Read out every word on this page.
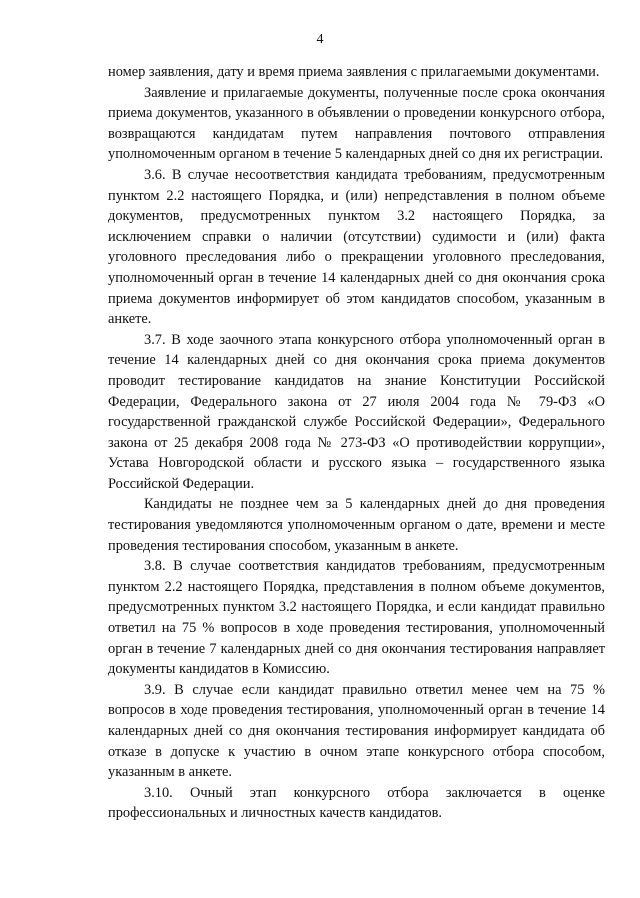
4

номер заявления, дату и время приема заявления с прилагаемыми документами.

Заявление и прилагаемые документы, полученные после срока окончания приема документов, указанного в объявлении о проведении конкурсного отбора, возвращаются кандидатам путем направления почтового отправления уполномоченным органом в течение 5 календарных дней со дня их регистрации.

3.6. В случае несоответствия кандидата требованиям, предусмотренным пунктом 2.2 настоящего Порядка, и (или) непредставления в полном объеме документов, предусмотренных пунктом 3.2 настоящего Порядка, за исключением справки о наличии (отсутствии) судимости и (или) факта уголовного преследования либо о прекращении уголовного преследования, уполномоченный орган в течение 14 календарных дней со дня окончания срока приема документов информирует об этом кандидатов способом, указанным в анкете.

3.7. В ходе заочного этапа конкурсного отбора уполномоченный орган в течение 14 календарных дней со дня окончания срока приема документов проводит тестирование кандидатов на знание Конституции Российской Федерации, Федерального закона от 27 июля 2004 года № 79-ФЗ «О государственной гражданской службе Российской Федерации», Федерального закона от 25 декабря 2008 года № 273-ФЗ «О противодействии коррупции», Устава Новгородской области и русского языка – государственного языка Российской Федерации.

Кандидаты не позднее чем за 5 календарных дней до дня проведения тестирования уведомляются уполномоченным органом о дате, времени и месте проведения тестирования способом, указанным в анкете.

3.8. В случае соответствия кандидатов требованиям, предусмотренным пунктом 2.2 настоящего Порядка, представления в полном объеме документов, предусмотренных пунктом 3.2 настоящего Порядка, и если кандидат правильно ответил на 75 % вопросов в ходе проведения тестирования, уполномоченный орган в течение 7 календарных дней со дня окончания тестирования направляет документы кандидатов в Комиссию.

3.9. В случае если кандидат правильно ответил менее чем на 75 % вопросов в ходе проведения тестирования, уполномоченный орган в течение 14 календарных дней со дня окончания тестирования информирует кандидата об отказе в допуске к участию в очном этапе конкурсного отбора способом, указанным в анкете.

3.10. Очный этап конкурсного отбора заключается в оценке профессиональных и личностных качеств кандидатов.
